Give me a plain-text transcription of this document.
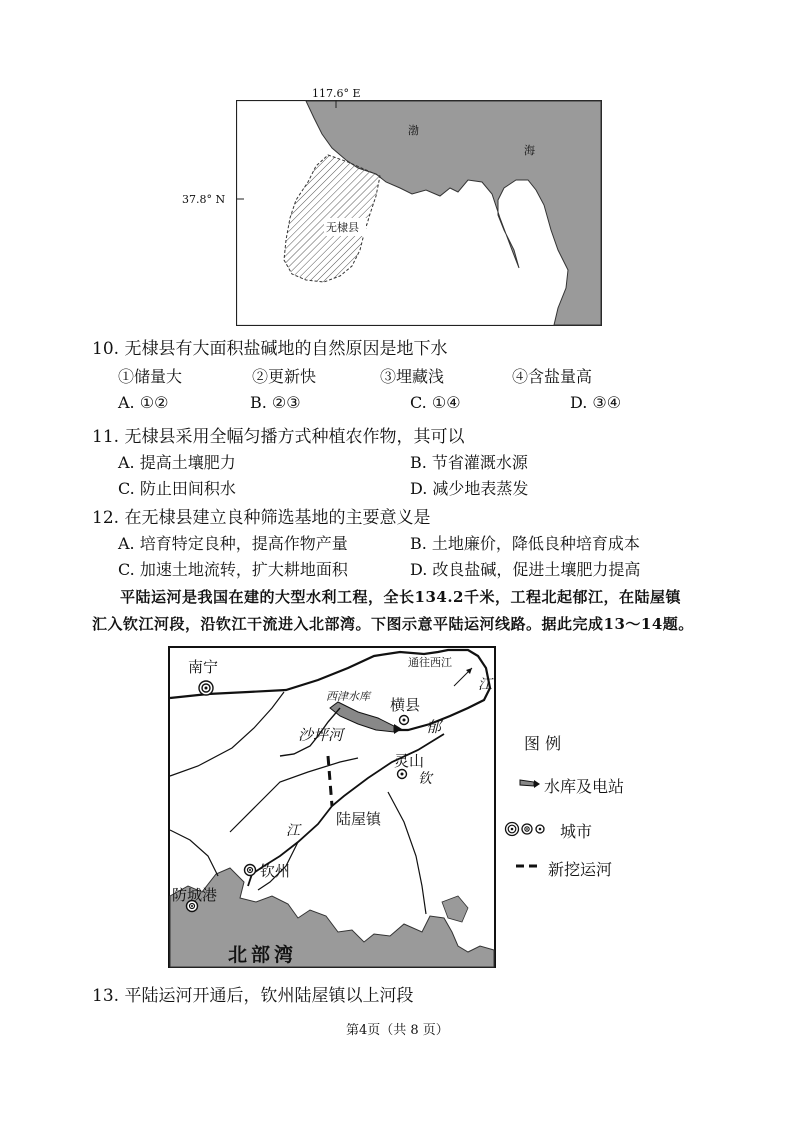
无棣县
渤
海
117.6° E
37.8° N
10. 无棣县有大面积盐碱地的自然原因是地下水
①储量大	②更新快	③埋藏浅	④含盐量高
A. ①②	B. ②③	C. ①④	D. ③④
11. 无棣县采用全幅匀播方式种植农作物，其可以
A. 提高土壤肥力	B. 节省灌溉水源
C. 防止田间积水	D. 减少地表蒸发
12. 在无棣县建立良种筛选基地的主要意义是
A. 培育特定良种，提高作物产量	B. 土地廉价，降低良种培育成本
C. 加速土地流转，扩大耕地面积	D. 改良盐碱，促进土壤肥力提高
平陆运河是我国在建的大型水利工程，全长134.2千米，工程北起郁江，在陆屋镇
汇入钦江河段，沿钦江干流进入北部湾。下图示意平陆运河线路。据此完成13～14题。
南宁	通往西江
江
西津水库 横县
郁
沙坪河
灵山
钦
江
陆屋镇
钦州
防城港
北部湾
图 例
水库及电站
城市
新挖运河
13. 平陆运河开通后，钦州陆屋镇以上河段
第4页（共 8 页）
